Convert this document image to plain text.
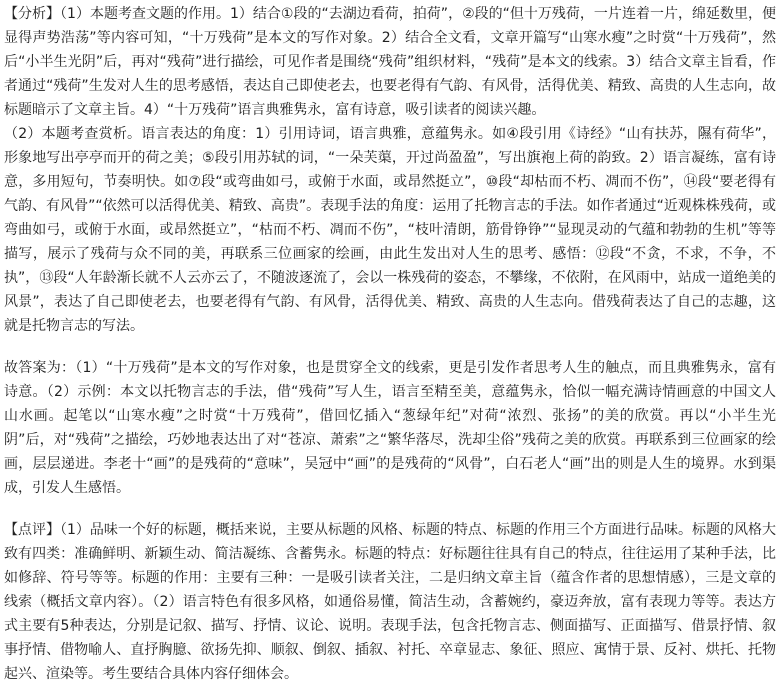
【分析】（1）本题考查文题的作用。1）结合①段的“去湖边看荷，拍荷”，②段的“但十万残荷，一片连着一片，绵延数里，便显得声势浩荡”等内容可知，“十万残荷”是本文的写作对象。2）结合全文看，文章开篇写“山寒水瘦”之时赏“十万残荷”，然后“小半生光阴”后，再对“残荷”进行描绘，可见作者是围绕“残荷”组织材料，“残荷”是本文的线索。3）结合文章主旨看，作者通过“残荷”生发对人生的思考感悟，表达自己即使老去，也要老得有气韵、有风骨，活得优美、精致、高贵的人生志向，故标题暗示了文章主旨。4）“十万残荷”语言典雅隽永，富有诗意，吸引读者的阅读兴趣。

（2）本题考查赏析。语言表达的角度：1）引用诗词，语言典雅，意蕴隽永。如④段引用《诗经》“山有扶苏，隰有荷华”，形象地写出亭亭而开的荷之美；⑤段引用苏轼的词，“一朵芙蕖，开过尚盈盈”，写出旗袍上荷的韵致。2）语言凝练，富有诗意，多用短句，节奏明快。如⑦段“或弯曲如弓，或俯于水面，或昂然挺立”，⑩段“却枯而不朽、凋而不伤”，⑭段“要老得有气韵、有风骨”“依然可以活得优美、精致、高贵”。表现手法的角度：运用了托物言志的手法。如作者通过“近观株株残荷，或弯曲如弓，或俯于水面，或昂然挺立”，“枯而不朽、凋而不伤”，“枝叶清朗，筋骨铮铮”“显现灵动的气蕴和勃勃的生机”等等描写，展示了残荷与众不同的美，再联系三位画家的绘画，由此生发出对人生的思考、感悟：⑫段“不贪，不求，不争，不执”，⑬段“人年龄渐长就不人云亦云了，不随波逐流了，会以一株残荷的姿态，不攀缘，不依附，在风雨中，站成一道绝美的风景”，表达了自己即使老去，也要老得有气韵、有风骨，活得优美、精致、高贵的人生志向。借残荷表达了自己的志趣，这就是托物言志的写法。

故答案为：（1）“十万残荷”是本文的写作对象，也是贯穿全文的线索，更是引发作者思考人生的触点，而且典雅隽永，富有诗意。（2）示例：本文以托物言志的手法，借“残荷”写人生，语言至精至美，意蕴隽永，恰似一幅充满诗情画意的中国文人山水画。起笔以“山寒水瘦”之时赏“十万残荷”，借回忆插入“葱绿年纪”对荷“浓烈、张扬”的美的欣赏。再以“小半生光阴”后，对“残荷”之描绘，巧妙地表达出了对“苍凉、萧索”之“繁华落尽，洗却尘俗”残荷之美的欣赏。再联系到三位画家的绘画，层层递进。李老十“画”的是残荷的“意味”，吴冠中“画”的是残荷的“风骨”，白石老人“画”出的则是人生的境界。水到渠成，引发人生感悟。

【点评】（1）品味一个好的标题，概括来说，主要从标题的风格、标题的特点、标题的作用三个方面进行品味。标题的风格大致有四类：准确鲜明、新颖生动、简洁凝练、含蓄隽永。标题的特点：好标题往往具有自己的特点，往往运用了某种手法，比如修辞、符号等等。标题的作用：主要有三种：一是吸引读者关注，二是归纳文章主旨（蕴含作者的思想情感），三是文章的线索（概括文章内容）。（2）语言特色有很多风格，如通俗易懂，简洁生动，含蓄婉约，豪迈奔放，富有表现力等等。表达方式主要有5种表达，分别是记叙、描写、抒情、议论、说明。表现手法，包含托物言志、侧面描写、正面描写、借景抒情、叙事抒情、借物喻人、直抒胸臆、欲扬先抑、顺叙、倒叙、插叙、衬托、卒章显志、象征、照应、寓情于景、反衬、烘托、托物起兴、渲染等。考生要结合具体内容仔细体会。
